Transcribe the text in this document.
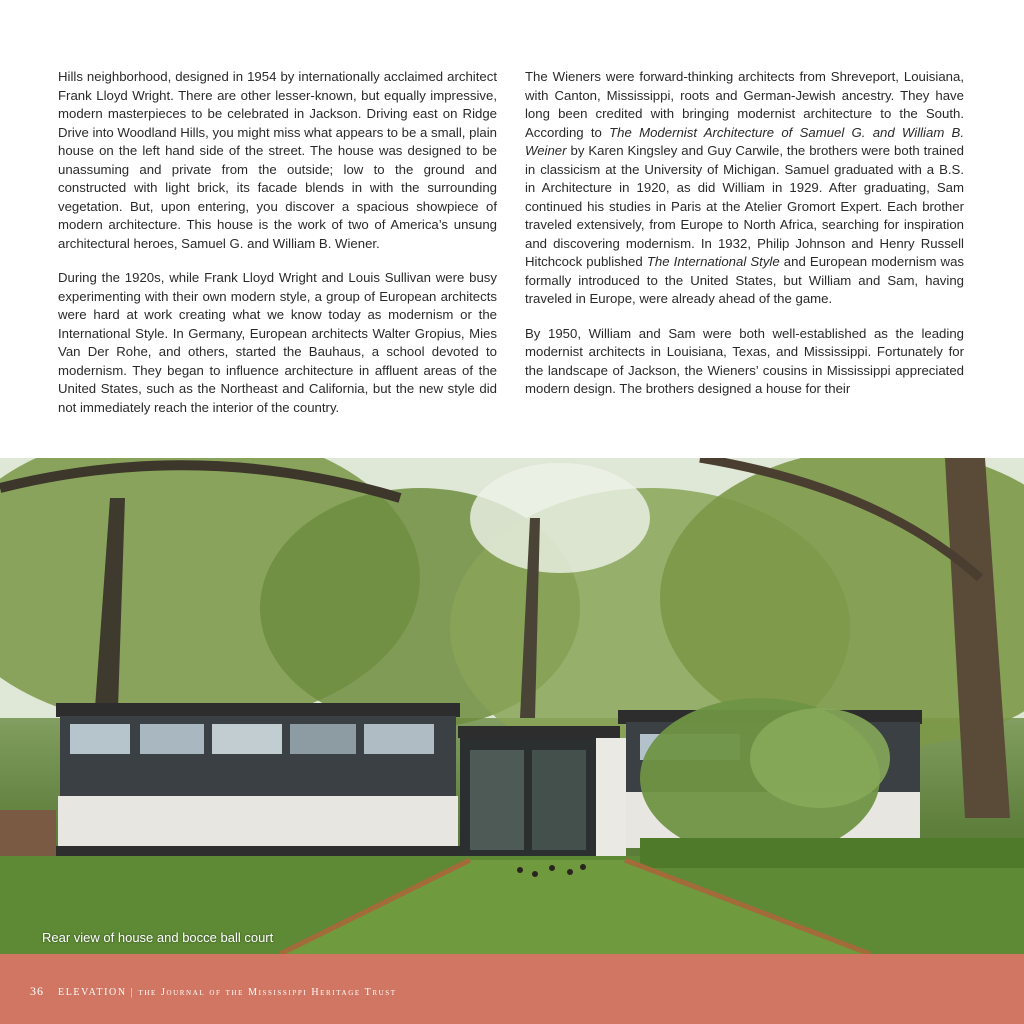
Hills neighborhood, designed in 1954 by internationally acclaimed architect Frank Lloyd Wright. There are other lesser-known, but equally impressive, modern masterpieces to be celebrated in Jackson. Driving east on Ridge Drive into Woodland Hills, you might miss what appears to be a small, plain house on the left hand side of the street. The house was designed to be unassuming and private from the outside; low to the ground and constructed with light brick, its facade blends in with the surrounding vegetation. But, upon entering, you discover a spacious showpiece of modern architecture. This house is the work of two of America’s unsung architectural heroes, Samuel G. and William B. Wiener.

During the 1920s, while Frank Lloyd Wright and Louis Sullivan were busy experimenting with their own modern style, a group of European architects were hard at work creating what we know today as modernism or the International Style. In Germany, European architects Walter Gropius, Mies Van Der Rohe, and others, started the Bauhaus, a school devoted to modernism. They began to influence architecture in affluent areas of the United States, such as the Northeast and California, but the new style did not immediately reach the interior of the country.

The Wieners were forward-thinking architects from Shreveport, Louisiana, with Canton, Mississippi, roots and German-Jewish ancestry. They have long been credited with bringing modernist architecture to the South. According to The Modernist Architecture of Samuel G. and William B. Weiner by Karen Kingsley and Guy Carwile, the brothers were both trained in classicism at the University of Michigan. Samuel graduated with a B.S. in Architecture in 1920, as did William in 1929. After graduating, Sam continued his studies in Paris at the Atelier Gromort Expert. Each brother traveled extensively, from Europe to North Africa, searching for inspiration and discovering modernism. In 1932, Philip Johnson and Henry Russell Hitchcock published The International Style and European modernism was formally introduced to the United States, but William and Sam, having traveled in Europe, were already ahead of the game.

By 1950, William and Sam were both well-established as the leading modernist architects in Louisiana, Texas, and Mississippi. Fortunately for the landscape of Jackson, the Wieners’ cousins in Mississippi appreciated modern design. The brothers designed a house for their

Rear view of house and bocce ball court
36 ELEVATION | the Journal of the Mississippi Heritage Trust
